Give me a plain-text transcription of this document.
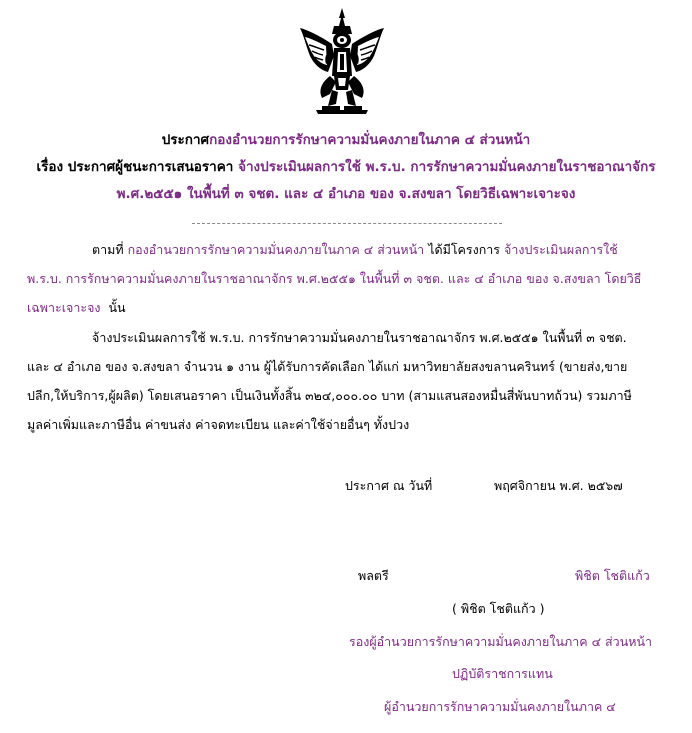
ประกาศกองอำนวยการรักษาความมั่นคงภายในภาค ๔ ส่วนหน้า
เรื่อง ประกาศผู้ชนะการเสนอราคา จ้างประเมินผลการใช้ พ.ร.บ. การรักษาความมั่นคงภายในราชอาณาจักร
พ.ศ.๒๕๕๑ ในพื้นที่ ๓ จชต. และ ๔ อำเภอ ของ จ.สงขลา โดยวิธีเฉพาะเจาะจง
ตามที่ กองอำนวยการรักษาความมั่นคงภายในภาค ๔ ส่วนหน้า ได้มีโครงการ จ้างประเมินผลการใช้
พ.ร.บ. การรักษาความมั่นคงภายในราชอาณาจักร พ.ศ.๒๕๕๑ ในพื้นที่ ๓ จชต. และ ๔ อำเภอ ของ จ.สงขลา โดยวิธี
เฉพาะเจาะจง นั้น
จ้างประเมินผลการใช้ พ.ร.บ. การรักษาความมั่นคงภายในราชอาณาจักร พ.ศ.๒๕๕๑ ในพื้นที่ ๓ จชต.
และ ๔ อำเภอ ของ จ.สงขลา จำนวน ๑ งาน ผู้ได้รับการคัดเลือก ได้แก่ มหาวิทยาลัยสงขลานครินทร์ (ขายส่ง,ขาย
ปลีก,ให้บริการ,ผู้ผลิต) โดยเสนอราคา เป็นเงินทั้งสิ้น ๓๒๔,๐๐๐.๐๐ บาท (สามแสนสองหมื่นสี่พันบาทถ้วน) รวมภาษี
มูลค่าเพิ่มและภาษีอื่น ค่าขนส่ง ค่าจดทะเบียน และค่าใช้จ่ายอื่นๆ ทั้งปวง
ประกาศ ณ วันที่	พฤศจิกายน พ.ศ. ๒๕๖๗
พลตรี	พิชิต โชติแก้ว
( พิชิต โชติแก้ว )
รองผู้อำนวยการรักษาความมั่นคงภายในภาค ๔ ส่วนหน้า
ปฏิบัติราชการแทน
ผู้อำนวยการรักษาความมั่นคงภายในภาค ๔
